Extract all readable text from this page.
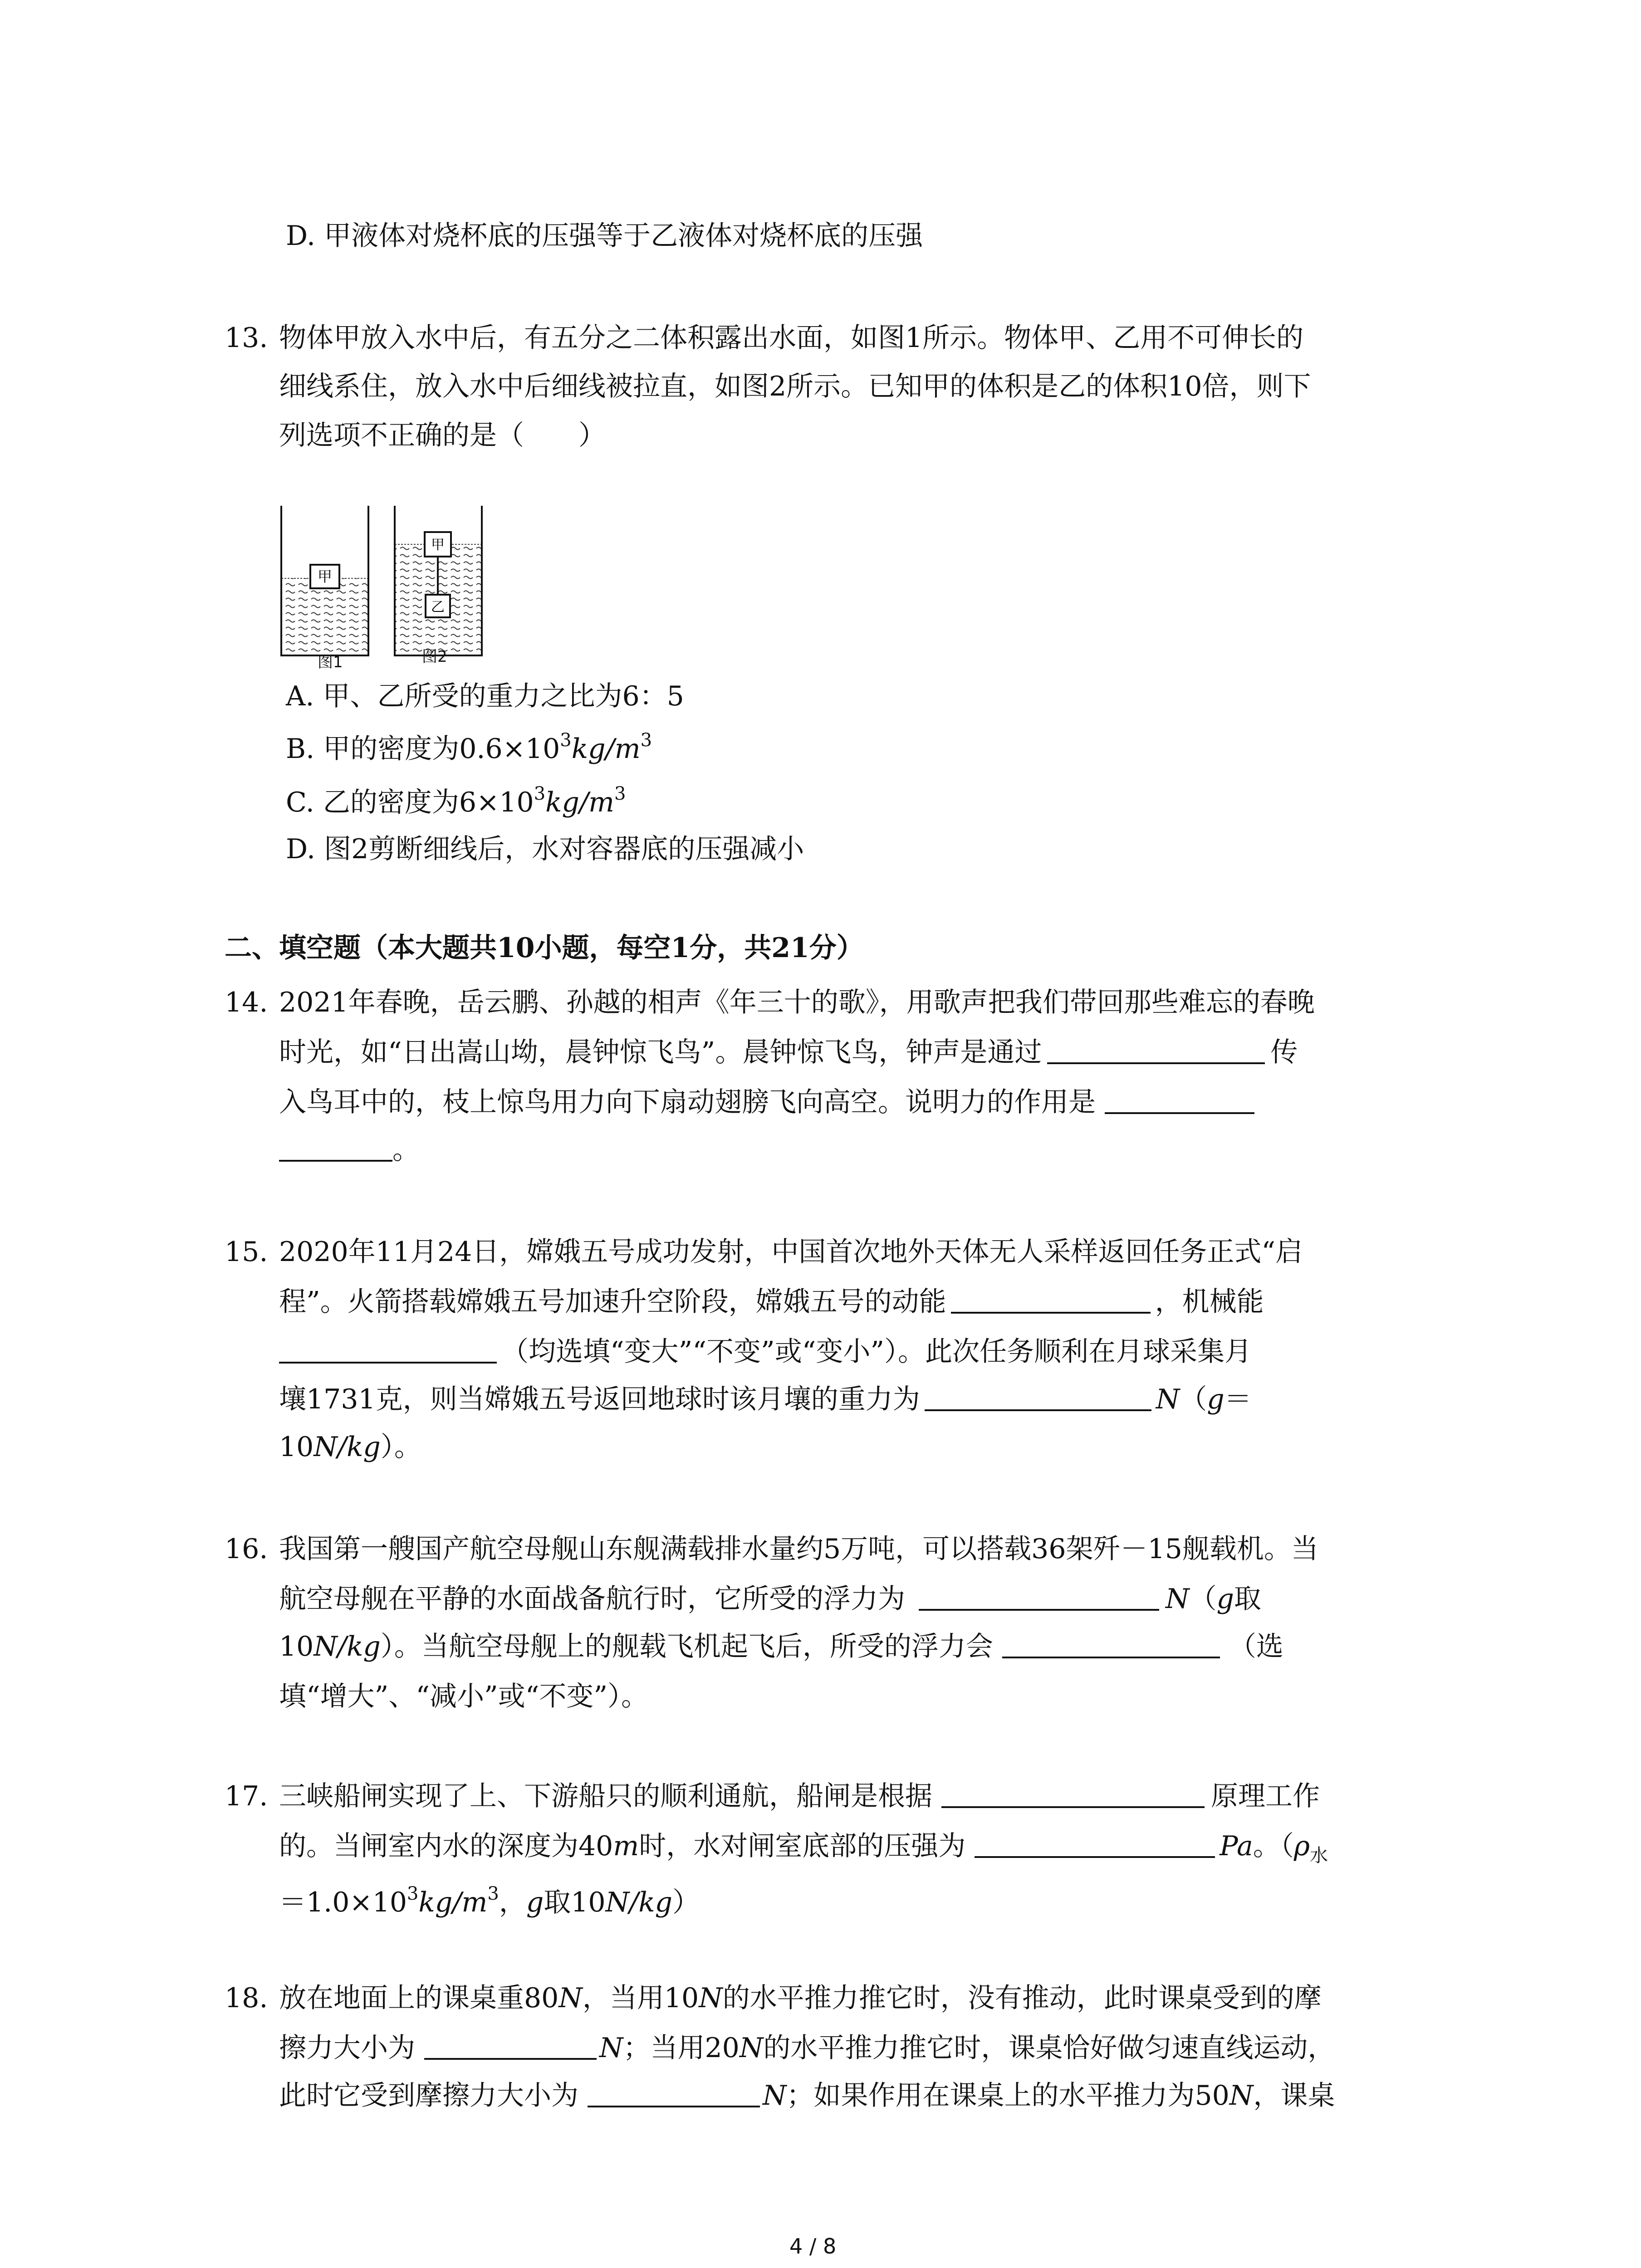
D. 甲液体对烧杯底的压强等于乙液体对烧杯底的压强
13. 物体甲放入水中后，有五分之二体积露出水面，如图1所示。物体甲、乙用不可伸长的
细线系住，放入水中后细线被拉直，如图2所示。已知甲的体积是乙的体积10倍，则下
列选项不正确的是（　　）
甲
甲
乙
图1	图2
A. 甲、乙所受的重力之比为6：5
B. 甲的密度为$0.6\times 10^3kg/m^3$
C. 乙的密度为$6\times 10^3kg/m^3$
D. 图2剪断细线后，水对容器底的压强减小
二、填空题（本大题共10小题，每空1分，共21分）
14. 2021年春晚，岳云鹏、孙越的相声《年三十的歌》，用歌声把我们带回那些难忘的春晚
时光，如“日出嵩山坳，晨钟惊飞鸟”。晨钟惊飞鸟，钟声是通过	传
入鸟耳中的，枝上惊鸟用力向下扇动翅膀飞向高空。说明力的作用是
。
15. 2020年11月24日，嫦娥五号成功发射，中国首次地外天体无人采样返回任务正式“启
程”。火箭搭载嫦娥五号加速升空阶段，嫦娥五号的动能	，机械能
（均选填“变大”“不变”或“变小”）。此次任务顺利在月球采集月
壤1731克，则当嫦娥五号返回地球时该月壤的重力为	N（g＝
10N/kg）。
16. 我国第一艘国产航空母舰山东舰满载排水量约5万吨，可以搭载36架歼－15舰载机。当
航空母舰在平静的水面战备航行时，它所受的浮力为	N（g取
10N/kg）。当航空母舰上的舰载飞机起飞后，所受的浮力会	（选
填“增大”、“减小”或“不变”）。
17. 三峡船闸实现了上、下游船只的顺利通航，船闸是根据	原理工作
的。当闸室内水的深度为40m时，水对闸室底部的压强为	Pa。（$\rho_水$
$=1.0\times 10^3kg/m^3$，g取10N/kg）
18. 放在地面上的课桌重80N，当用10N的水平推力推它时，没有推动，此时课桌受到的摩
擦力大小为	N；当用20N的水平推力推它时，课桌恰好做匀速直线运动，
此时它受到摩擦力大小为	N；如果作用在课桌上的水平推力为50N，课桌
4 / 8
